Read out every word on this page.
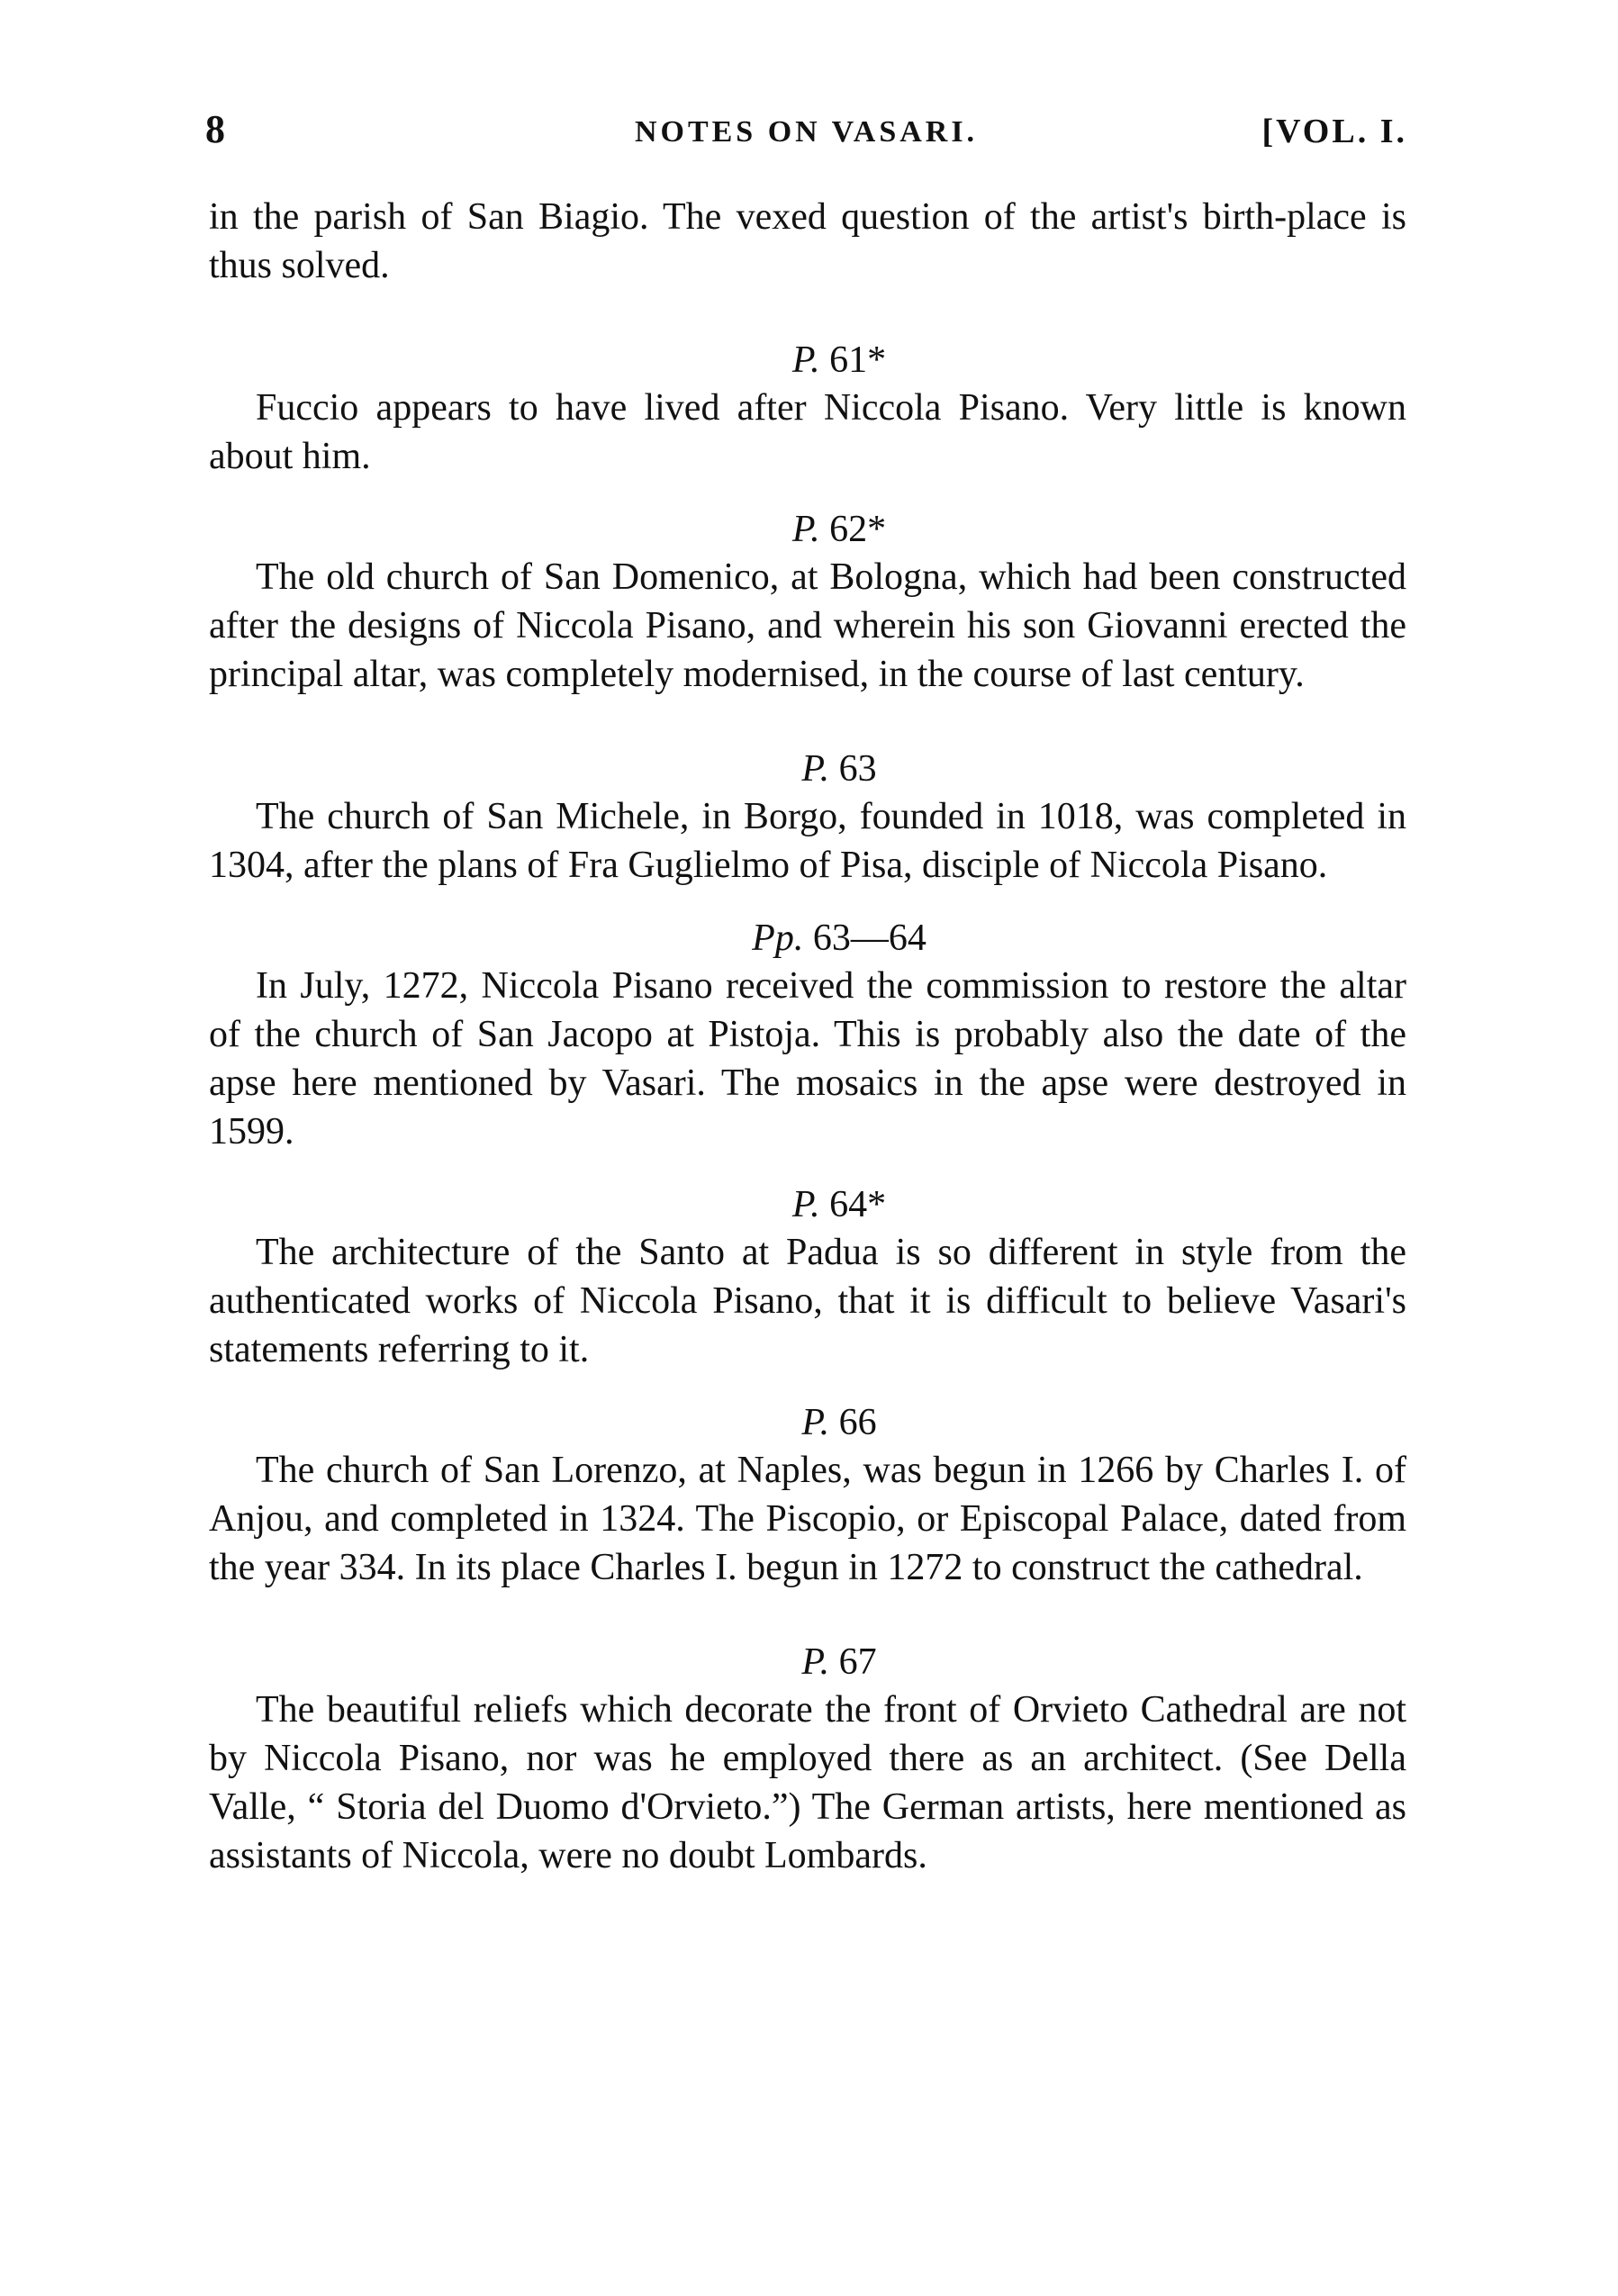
8	NOTES ON VASARI.	[VOL. I.

in the parish of San Biagio. The vexed question of the artist's birth-place is thus solved.

P. 61*

Fuccio appears to have lived after Niccola Pisano. Very little is known about him.

P. 62*

The old church of San Domenico, at Bologna, which had been constructed after the designs of Niccola Pisano, and wherein his son Giovanni erected the principal altar, was completely modernised, in the course of last century.

P. 63

The church of San Michele, in Borgo, founded in 1018, was completed in 1304, after the plans of Fra Guglielmo of Pisa, disciple of Niccola Pisano.

Pp. 63—64

In July, 1272, Niccola Pisano received the commission to restore the altar of the church of San Jacopo at Pistoja. This is probably also the date of the apse here mentioned by Vasari. The mosaics in the apse were destroyed in 1599.

P. 64*

The architecture of the Santo at Padua is so different in style from the authenticated works of Niccola Pisano, that it is difficult to believe Vasari's statements referring to it.

P. 66

The church of San Lorenzo, at Naples, was begun in 1266 by Charles I. of Anjou, and completed in 1324. The Piscopio, or Episcopal Palace, dated from the year 334. In its place Charles I. begun in 1272 to construct the cathedral.

P. 67

The beautiful reliefs which decorate the front of Orvieto Cathedral are not by Niccola Pisano, nor was he employed there as an architect. (See Della Valle, “ Storia del Duomo d'Orvieto.”) The German artists, here mentioned as assistants of Niccola, were no doubt Lombards.
